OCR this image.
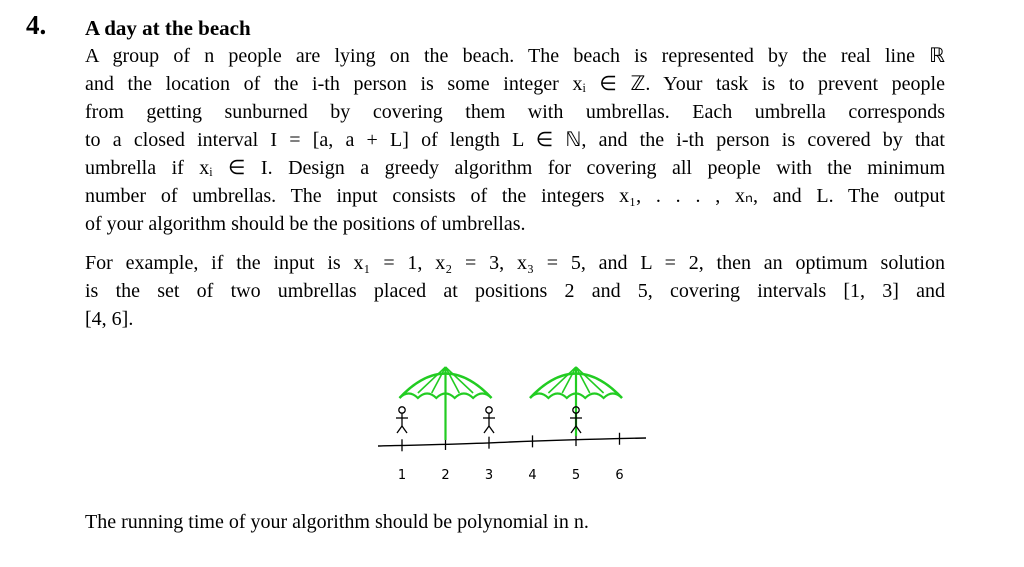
4. A day at the beach
A group of n people are lying on the beach. The beach is represented by the real line ℝ
and the location of the i-th person is some integer xᵢ ∈ ℤ. Your task is to prevent people
from getting sunburned by covering them with umbrellas. Each umbrella corresponds
to a closed interval I = [a, a + L] of length L ∈ ℕ, and the i-th person is covered by that
umbrella if xᵢ ∈ I. Design a greedy algorithm for covering all people with the minimum
number of umbrellas. The input consists of the integers x₁, . . . , xₙ, and L. The output
of your algorithm should be the positions of umbrellas.
For example, if the input is x₁ = 1, x₂ = 3, x₃ = 5, and L = 2, then an optimum solution
is the set of two umbrellas placed at positions 2 and 5, covering intervals [1, 3] and
[4, 6].
1	2	3	4	5	6
The running time of your algorithm should be polynomial in n.
